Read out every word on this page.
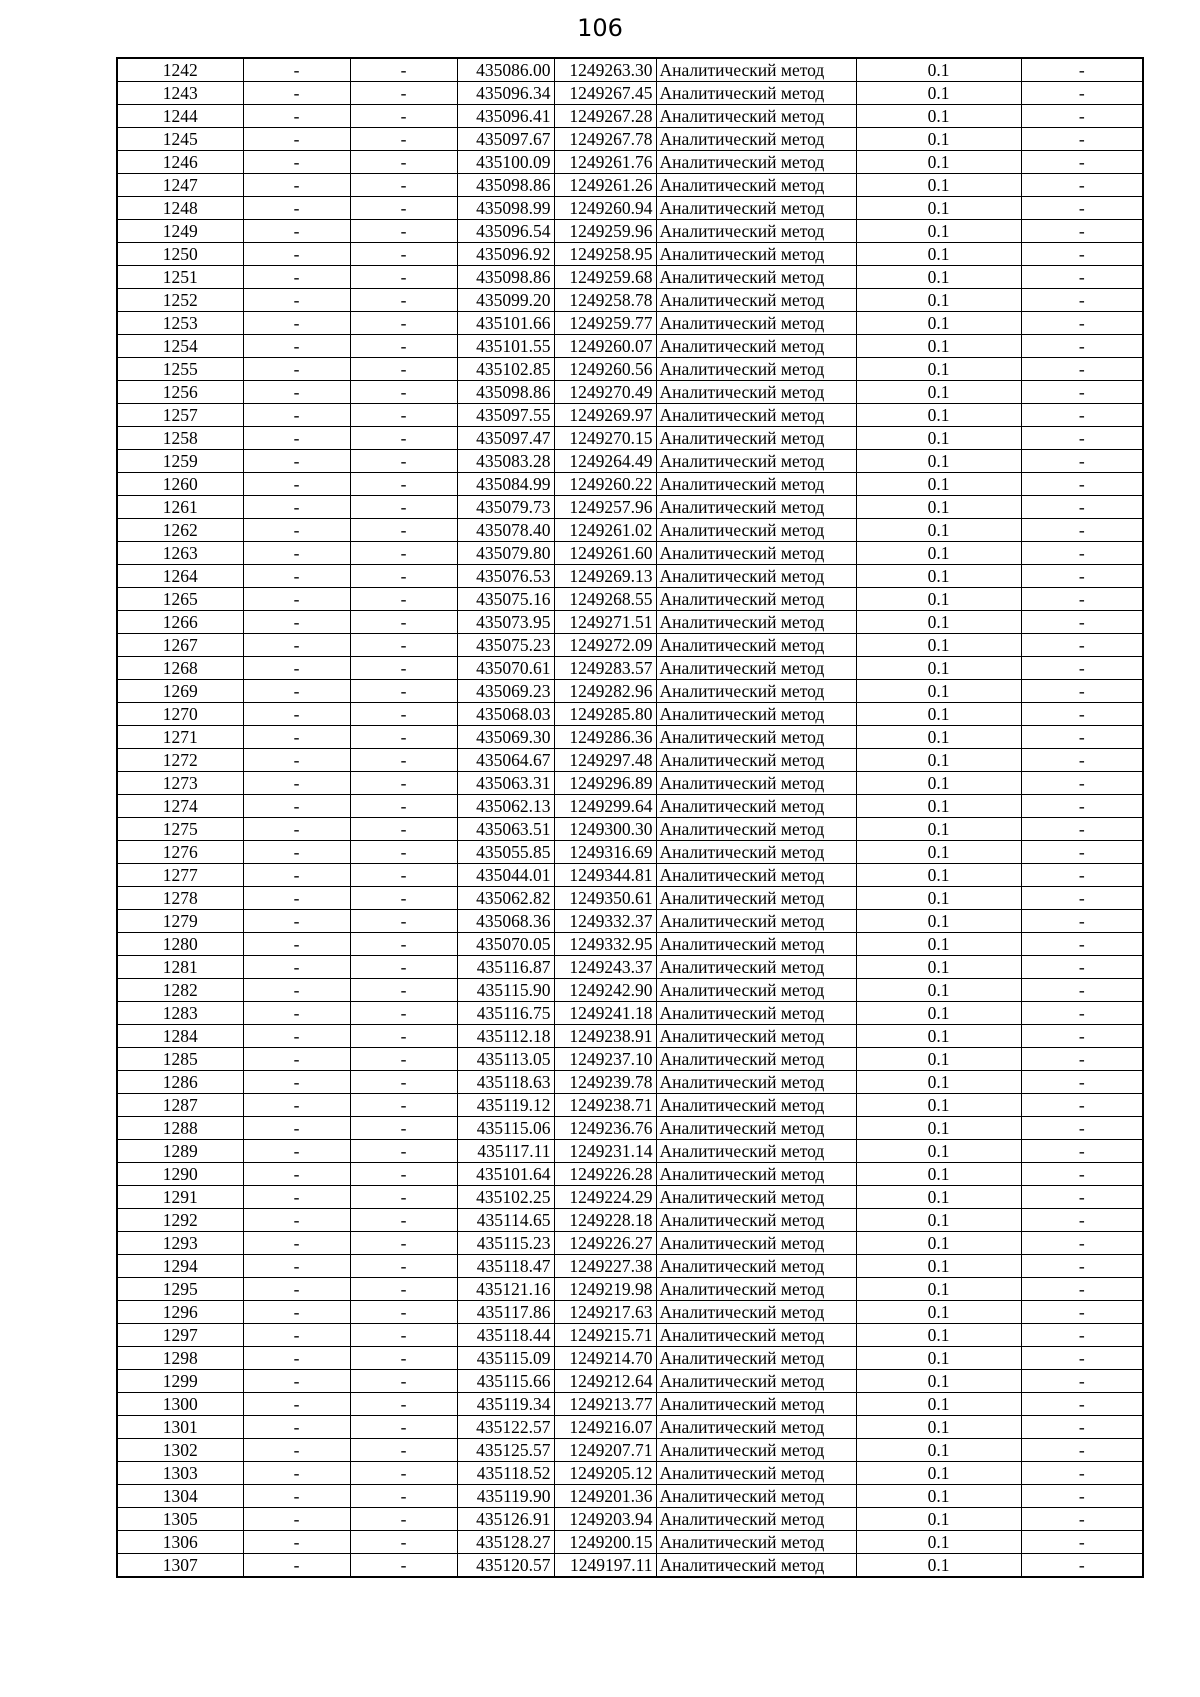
106
1242	-	-	435086.00	1249263.30	Аналитический метод	0.1	-
1243	-	-	435096.34	1249267.45	Аналитический метод	0.1	-
1244	-	-	435096.41	1249267.28	Аналитический метод	0.1	-
1245	-	-	435097.67	1249267.78	Аналитический метод	0.1	-
1246	-	-	435100.09	1249261.76	Аналитический метод	0.1	-
1247	-	-	435098.86	1249261.26	Аналитический метод	0.1	-
1248	-	-	435098.99	1249260.94	Аналитический метод	0.1	-
1249	-	-	435096.54	1249259.96	Аналитический метод	0.1	-
1250	-	-	435096.92	1249258.95	Аналитический метод	0.1	-
1251	-	-	435098.86	1249259.68	Аналитический метод	0.1	-
1252	-	-	435099.20	1249258.78	Аналитический метод	0.1	-
1253	-	-	435101.66	1249259.77	Аналитический метод	0.1	-
1254	-	-	435101.55	1249260.07	Аналитический метод	0.1	-
1255	-	-	435102.85	1249260.56	Аналитический метод	0.1	-
1256	-	-	435098.86	1249270.49	Аналитический метод	0.1	-
1257	-	-	435097.55	1249269.97	Аналитический метод	0.1	-
1258	-	-	435097.47	1249270.15	Аналитический метод	0.1	-
1259	-	-	435083.28	1249264.49	Аналитический метод	0.1	-
1260	-	-	435084.99	1249260.22	Аналитический метод	0.1	-
1261	-	-	435079.73	1249257.96	Аналитический метод	0.1	-
1262	-	-	435078.40	1249261.02	Аналитический метод	0.1	-
1263	-	-	435079.80	1249261.60	Аналитический метод	0.1	-
1264	-	-	435076.53	1249269.13	Аналитический метод	0.1	-
1265	-	-	435075.16	1249268.55	Аналитический метод	0.1	-
1266	-	-	435073.95	1249271.51	Аналитический метод	0.1	-
1267	-	-	435075.23	1249272.09	Аналитический метод	0.1	-
1268	-	-	435070.61	1249283.57	Аналитический метод	0.1	-
1269	-	-	435069.23	1249282.96	Аналитический метод	0.1	-
1270	-	-	435068.03	1249285.80	Аналитический метод	0.1	-
1271	-	-	435069.30	1249286.36	Аналитический метод	0.1	-
1272	-	-	435064.67	1249297.48	Аналитический метод	0.1	-
1273	-	-	435063.31	1249296.89	Аналитический метод	0.1	-
1274	-	-	435062.13	1249299.64	Аналитический метод	0.1	-
1275	-	-	435063.51	1249300.30	Аналитический метод	0.1	-
1276	-	-	435055.85	1249316.69	Аналитический метод	0.1	-
1277	-	-	435044.01	1249344.81	Аналитический метод	0.1	-
1278	-	-	435062.82	1249350.61	Аналитический метод	0.1	-
1279	-	-	435068.36	1249332.37	Аналитический метод	0.1	-
1280	-	-	435070.05	1249332.95	Аналитический метод	0.1	-
1281	-	-	435116.87	1249243.37	Аналитический метод	0.1	-
1282	-	-	435115.90	1249242.90	Аналитический метод	0.1	-
1283	-	-	435116.75	1249241.18	Аналитический метод	0.1	-
1284	-	-	435112.18	1249238.91	Аналитический метод	0.1	-
1285	-	-	435113.05	1249237.10	Аналитический метод	0.1	-
1286	-	-	435118.63	1249239.78	Аналитический метод	0.1	-
1287	-	-	435119.12	1249238.71	Аналитический метод	0.1	-
1288	-	-	435115.06	1249236.76	Аналитический метод	0.1	-
1289	-	-	435117.11	1249231.14	Аналитический метод	0.1	-
1290	-	-	435101.64	1249226.28	Аналитический метод	0.1	-
1291	-	-	435102.25	1249224.29	Аналитический метод	0.1	-
1292	-	-	435114.65	1249228.18	Аналитический метод	0.1	-
1293	-	-	435115.23	1249226.27	Аналитический метод	0.1	-
1294	-	-	435118.47	1249227.38	Аналитический метод	0.1	-
1295	-	-	435121.16	1249219.98	Аналитический метод	0.1	-
1296	-	-	435117.86	1249217.63	Аналитический метод	0.1	-
1297	-	-	435118.44	1249215.71	Аналитический метод	0.1	-
1298	-	-	435115.09	1249214.70	Аналитический метод	0.1	-
1299	-	-	435115.66	1249212.64	Аналитический метод	0.1	-
1300	-	-	435119.34	1249213.77	Аналитический метод	0.1	-
1301	-	-	435122.57	1249216.07	Аналитический метод	0.1	-
1302	-	-	435125.57	1249207.71	Аналитический метод	0.1	-
1303	-	-	435118.52	1249205.12	Аналитический метод	0.1	-
1304	-	-	435119.90	1249201.36	Аналитический метод	0.1	-
1305	-	-	435126.91	1249203.94	Аналитический метод	0.1	-
1306	-	-	435128.27	1249200.15	Аналитический метод	0.1	-
1307	-	-	435120.57	1249197.11	Аналитический метод	0.1	-
